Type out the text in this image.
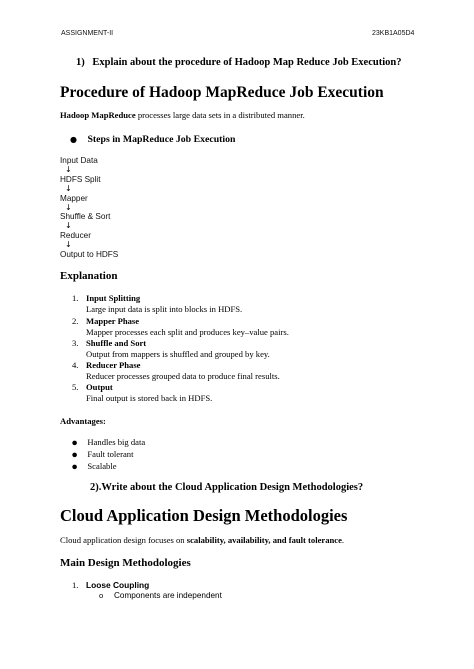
ASSIGNMENT-II	23KB1A05D4
1) Explain about the procedure of Hadoop Map Reduce Job Execution?
Procedure of Hadoop MapReduce Job Execution
Hadoop MapReduce processes large data sets in a distributed manner.
● Steps in MapReduce Job Execution
Input Data
↓
HDFS Split
↓
Mapper
↓
Shuffle & Sort
↓
Reducer
↓
Output to HDFS
Explanation
1. Input Splitting
Large input data is split into blocks in HDFS.
2. Mapper Phase
Mapper processes each split and produces key–value pairs.
3. Shuffle and Sort
Output from mappers is shuffled and grouped by key.
4. Reducer Phase
Reducer processes grouped data to produce final results.
5. Output
Final output is stored back in HDFS.
Advantages:
● Handles big data
● Fault tolerant
● Scalable
2).Write about the Cloud Application Design Methodologies?
Cloud Application Design Methodologies
Cloud application design focuses on scalability, availability, and fault tolerance.
Main Design Methodologies
1. Loose Coupling
o Components are independent
